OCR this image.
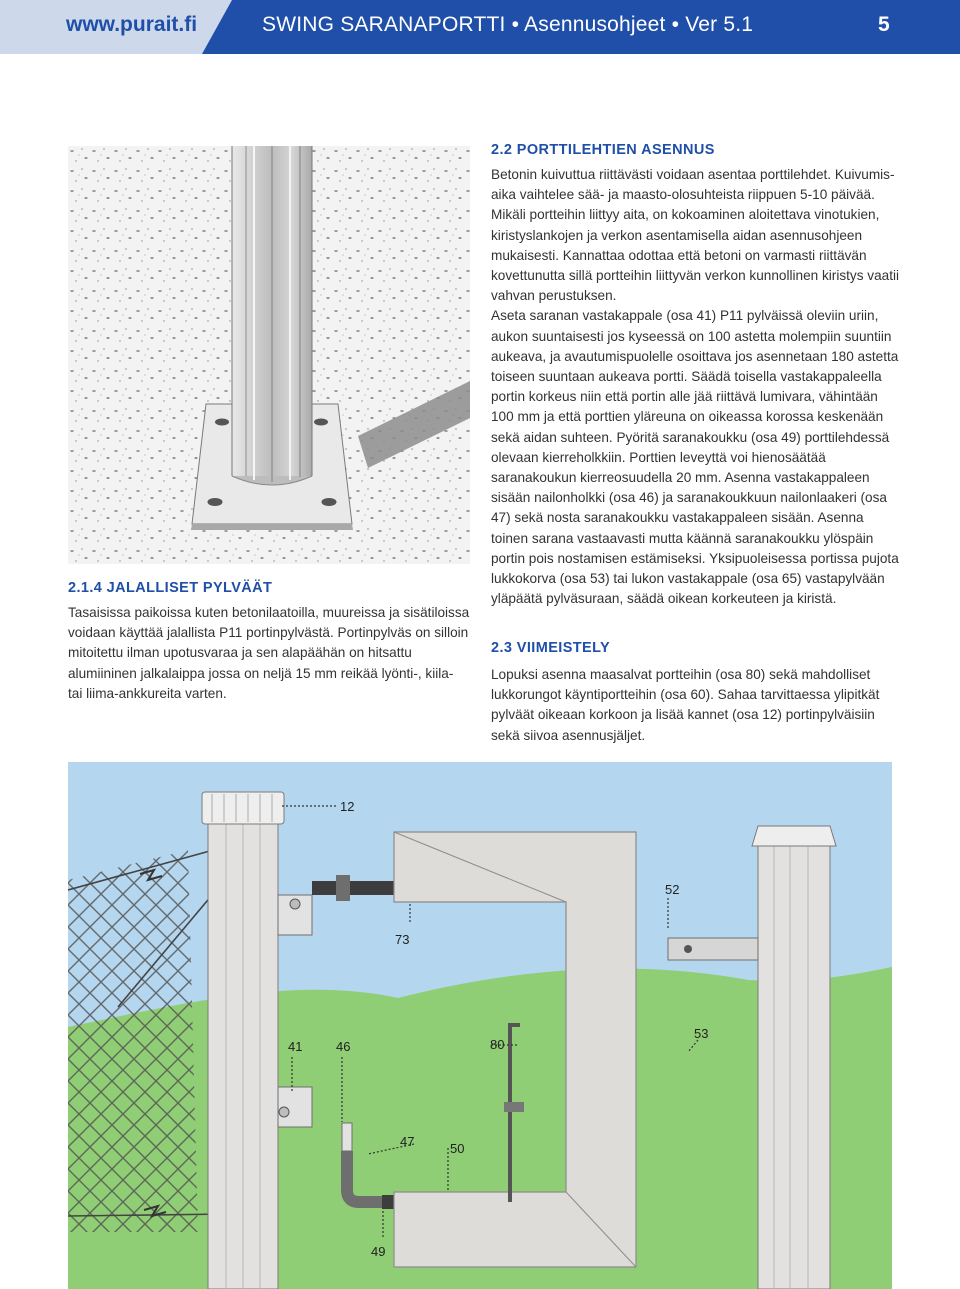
www.purait.fi	SWING SARANAPORTTI • Asennusohjeet • Ver 5.1	5
2.1.4 JALALLISET PYLVÄÄT

Tasaisissa paikoissa kuten betonilaatoilla, muureissa ja sisätiloissa voidaan käyttää jalallista P11 portinpylvästä. Portinpylväs on silloin mitoitettu ilman upotusvaraa ja sen alapäähän on hitsattu alumiininen jalkalaippa jossa on neljä 15 mm reikää lyönti-, kiila- tai liima-ankkureita varten.

2.2 PORTTILEHTIEN ASENNUS

Betonin kuivuttua riittävästi voidaan asentaa porttilehdet. Kuivumis-aika vaihtelee sää- ja maasto-olosuhteista riippuen 5-10 päivää.

Mikäli portteihin liittyy aita, on kokoaminen aloitettava vinotukien, kiristyslankojen ja verkon asentamisella aidan asennusohjeen mukaisesti. Kannattaa odottaa että betoni on varmasti riittävän kovettunutta sillä portteihin liittyvän verkon kunnollinen kiristys vaatii vahvan perustuksen.

Aseta saranan vastakappale (osa 41) P11 pylväissä oleviin uriin, aukon suuntaisesti jos kyseessä on 100 astetta molempiin suuntiin aukeava, ja avautumispuolelle osoittava jos asennetaan 180 astetta toiseen suuntaan aukeava portti. Säädä toisella vastakappaleella portin korkeus niin että portin alle jää riittävä lumivara, vähintään 100 mm ja että porttien yläreuna on oikeassa korossa keskenään sekä aidan suhteen. Pyöritä saranakoukku (osa 49) porttilehdessä olevaan kierreholkkiin. Porttien leveyttä voi hienosäätää saranakoukun kierreosuudella 20 mm. Asenna vastakappaleen sisään nailonholkki (osa 46) ja saranakoukkuun nailonlaakeri (osa 47) sekä nosta saranakoukku vastakappaleen sisään. Asenna toinen sarana vastaavasti mutta käännä saranakoukku ylöspäin portin pois nostamisen estämiseksi. Yksipuoleisessa portissa pujota lukkokorva (osa 53) tai lukon vastakappale (osa 65) vastapylvään yläpäätä pylväsuraan, säädä oikean korkeuteen ja kiristä.

2.3 VIIMEISTELY

Lopuksi asenna maasalvat portteihin (osa 80) sekä mahdolliset lukkorungot käyntiportteihin (osa 60). Sahaa tarvittaessa ylipitkät pylväät oikeaan korkoon ja lisää kannet (osa 12) portinpylväisiin sekä siivoa asennusjäljet.

12
52
73
41	46	80
53
47	50
49
